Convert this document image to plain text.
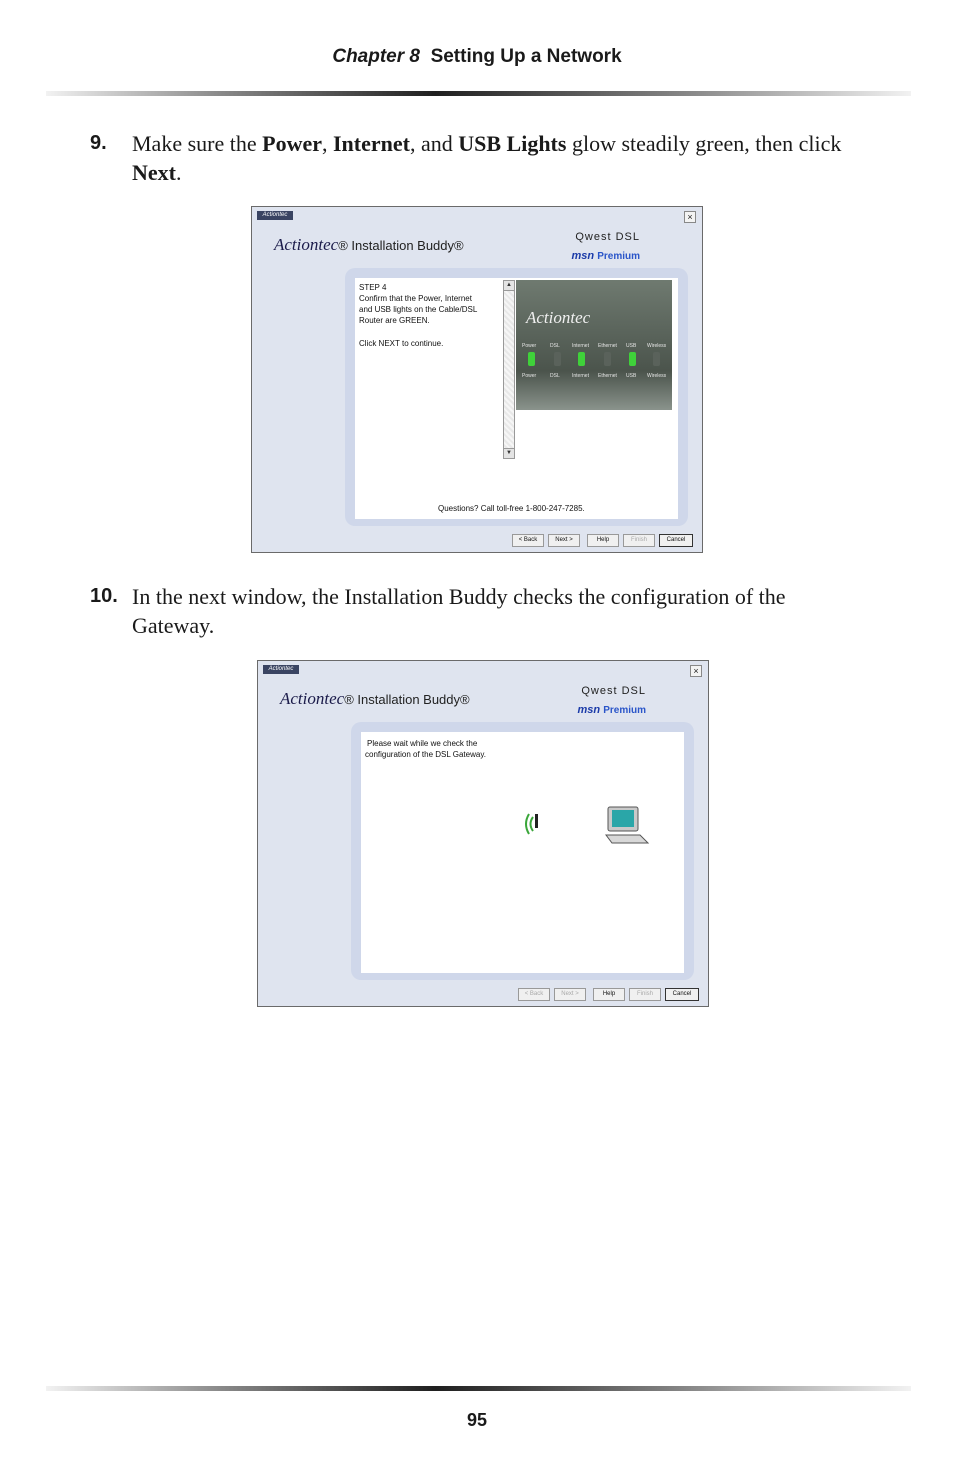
Chapter 8 Setting Up a Network
9. Make sure the Power, Internet, and USB Lights glow steadily green, then click Next.
Actiontec	×
Actiontec® Installation Buddy®
Qwest DSL
msn Premium
STEP 4
Confirm that the Power, Internet
and USB lights on the Cable/DSL
Router are GREEN.
Click NEXT to continue.
▲
▼
Actiontec
Power	DSL Internet Ethernet USB Wireless
Power	DSL Internet Ethernet USB Wireless
Questions? Call toll-free 1-800-247-7285.
< Back	Next >	Help	Finish	Cancel
10. In the next window, the Installation Buddy checks the configuration of the Gateway.
Actiontec	×
Actiontec® Installation Buddy®
Qwest DSL
msn Premium
Please wait while we check the
configuration of the DSL Gateway.
< Back	Next >	Help	Finish	Cancel
95
